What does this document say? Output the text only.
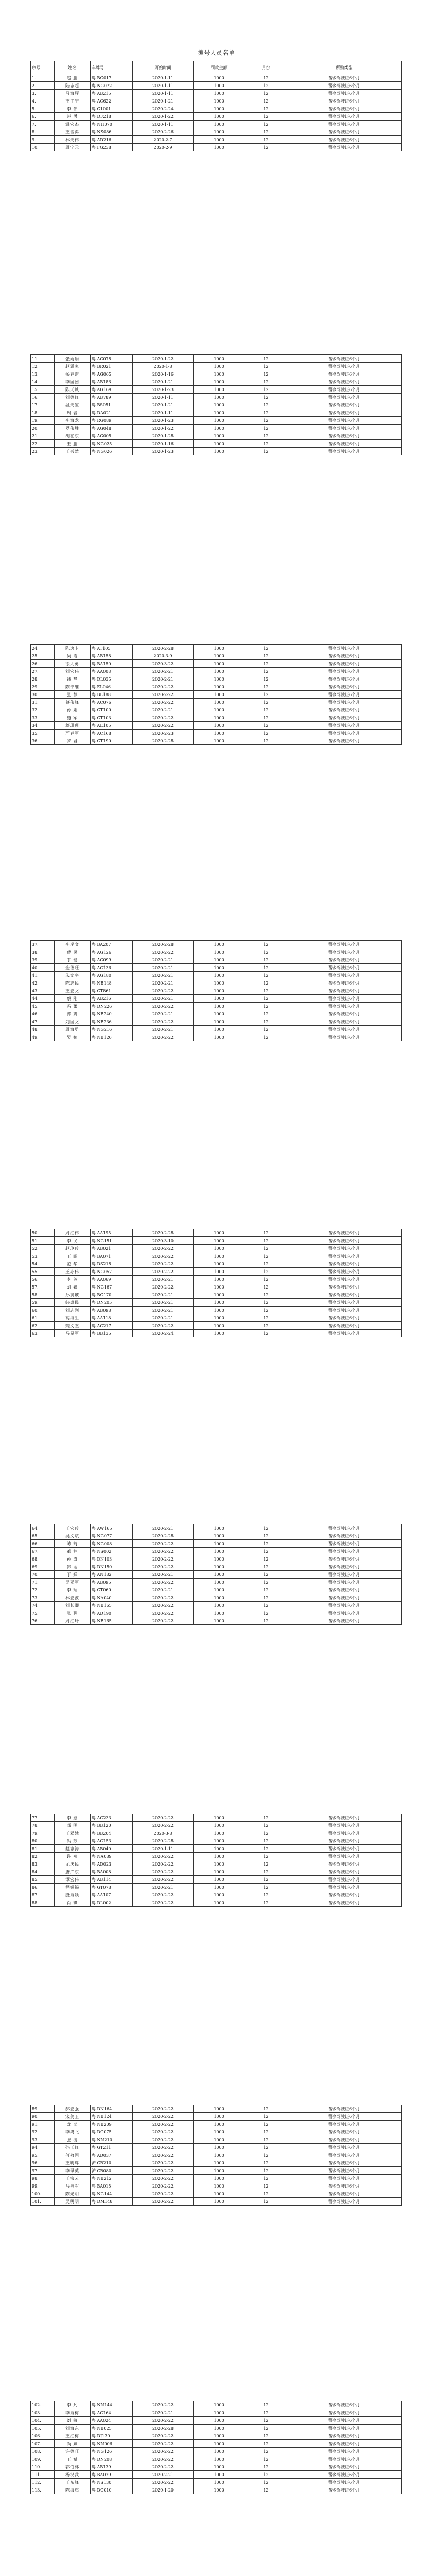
摊号人员名单
序号	姓名	车牌号	开始时间	罚款金额	月份	所购类型
1.	赵 鹏	粤 BG017	2020-1-11	1000	12	警乡驾驶证6个月
2.	陆志超	粤 NG072	2020-1-11	1000	12	警乡驾驶证6个月
3.	吕海辉	粤 AB215	2020-1-11	1000	12	警乡驾驶证6个月
4.	王宇宁	粤 AC622	2020-1-21	1000	12	警乡驾驶证6个月
5.	李 伟	粤 G1001	2020-2-24	1000	12	警乡驾驶证6个月
6.	赵 勇	粤 DF218	2020-1-22	1000	12	警乡驾驶证6个月
7.	温宏杰	粤 NH070	2020-1-11	1000	12	警乡驾驶证6个月
8.	王雪鸿	粤 NS086	2020-2-26	1000	12	警乡驾驶证6个月
9.	林天伟	粤 AD216	2020-2-7	1000	12	警乡驾驶证6个月
10.	周宁元	粤 FG238	2020-2-9	1000	12	警乡驾驶证6个月
11.	张雨娟	粤 AC078	2020-1-22	1000	12	警乡驾驶证6个月
12.	赵翼家	粤 BR021	2020-1-8	1000	12	警乡驾驶证6个月
13.	杨春雷	粤 AG065	2020-1-16	1000	12	警乡驾驶证6个月
14.	李园园	粤 AB186	2020-1-21	1000	12	警乡驾驶证6个月
15.	陈天诚	粤 AG169	2020-1-23	1000	12	警乡驾驶证6个月
16.	刘德红	粤 AB789	2020-1-11	1000	12	警乡驾驶证6个月
17.	温天宝	粤 BS051	2020-1-21	1000	12	警乡驾驶证6个月
18.	周 晋	粤 DA021	2020-1-11	1000	12	警乡驾驶证6个月
19.	李海龙	粤 RG089	2020-1-23	1000	12	警乡驾驶证6个月
20.	罗伟胜	粤 AG048	2020-1-22	1000	12	警乡驾驶证6个月
21.	胡在东	粤 AG005	2020-1-28	1000	12	警乡驾驶证6个月
22.	王 鹏	粤 NG025	2020-1-16	1000	12	警乡驾驶证6个月
23.	王兴然	粤 NG026	2020-1-23	1000	12	警乡驾驶证6个月
24.	陈逸卡	粤 AT105	2020-2-28	1000	12	警乡驾驶证6个月
25.	吴 霞	粤 AB158	2020-3-9	1000	12	警乡驾驶证6个月
26.	徐大勇	粤 BA150	2020-3-22	1000	12	警乡驾驶证6个月
27.	刘宏伟	粤 AA008	2020-2-21	1000	12	警乡驾驶证6个月
28.	钱 静	粤 DL035	2020-2-21	1000	12	警乡驾驶证6个月
29.	陈宁维	粤 EL046	2020-2-22	1000	12	警乡驾驶证6个月
30.	张 静	粤 BL188	2020-2-22	1000	12	警乡驾驶证6个月
31.	蔡伟峰	粤 AC076	2020-2-22	1000	12	警乡驾驶证6个月
32.	孙 娟	粤 GT100	2020-2-21	1000	12	警乡驾驶证6个月
33.	施 军	粤 GT103	2020-2-22	1000	12	警乡驾驶证6个月
34.	蒋珊珊	粤 AE105	2020-2-22	1000	12	警乡驾驶证6个月
35.	严春军	粤 AC168	2020-2-23	1000	12	警乡驾驶证6个月
36.	罗 君	粤 GT190	2020-2-28	1000	12	警乡驾驶证6个月
37.	李岸文	粤 BA207	2020-2-28	1000	12	警乡驾驶证6个月
38.	曹 民	粤 AG126	2020-2-22	1000	12	警乡驾驶证6个月
39.	丁 健	粤 AC099	2020-2-21	1000	12	警乡驾驶证6个月
40.	金德旺	粤 AC136	2020-2-21	1000	12	警乡驾驶证6个月
41.	朱文宇	粤 AG180	2020-2-21	1000	12	警乡驾驶证6个月
42.	陈志民	粤 NB148	2020-2-21	1000	12	警乡驾驶证6个月
43.	王宏文	粤 GT861	2020-2-22	1000	12	警乡驾驶证6个月
44.	蔡 刚	粤 AB216	2020-2-21	1000	12	警乡驾驶证6个月
45.	冯 蕾	粤 DN226	2020-2-22	1000	12	警乡驾驶证6个月
46.	郭 爽	粤 NB240	2020-2-21	1000	12	警乡驾驶证6个月
47.	刘国文	粤 NB236	2020-2-22	1000	12	警乡驾驶证6个月
48.	周海勇	粤 NG216	2020-2-21	1000	12	警乡驾驶证6个月
49.	吴 婉	粤 NB120	2020-2-22	1000	12	警乡驾驶证6个月
50.	周红伟	粤 AA195	2020-2-28	1000	12	警乡驾驶证6个月
51.	李 民	粤 NG151	2020-3-10	1000	12	警乡驾驶证6个月
52.	赵玲玲	粤 AB021	2020-2-22	1000	12	警乡驾驶证6个月
53.	王 昭	粤 BA071	2020-2-22	1000	12	警乡驾驶证6个月
54.	范 华	粤 DS218	2020-2-22	1000	12	警乡驾驶证6个月
55.	王亦伟	粤 NG057	2020-2-22	1000	12	警乡驾驶证6个月
56.	李 英	粤 AA069	2020-2-21	1000	12	警乡驾驶证6个月
57.	刘 鑫	粤 NG167	2020-2-22	1000	12	警乡驾驶证6个月
58.	孙寅坡	粤 BG170	2020-2-21	1000	12	警乡驾驶证6个月
59.	韩惠民	粤 DN205	2020-2-21	1000	12	警乡驾驶证6个月
60.	刘志刚	粤 AB098	2020-2-21	1000	12	警乡驾驶证6个月
61.	高海生	粤 AA118	2020-2-21	1000	12	警乡驾驶证6个月
62.	魏文杰	粤 AC217	2020-2-22	1000	12	警乡驾驶证6个月
63.	马星军	粤 BB135	2020-2-24	1000	12	警乡驾驶证6个月
64.	王宏玲	粤 AW165	2020-2-21	1000	12	警乡驾驶证6个月
65.	吴文斌	粤 NG077	2020-2-28	1000	12	警乡驾驶证6个月
66.	陈 琦	粤 NG008	2020-2-22	1000	12	警乡驾驶证6个月
67.	董 楠	粤 NS002	2020-2-22	1000	12	警乡驾驶证6个月
68.	孙 成	粤 DN103	2020-2-22	1000	12	警乡驾驶证6个月
69.	韩 丽	粤 DN150	2020-2-22	1000	12	警乡驾驶证6个月
70.	于 娣	粤 AN182	2020-2-21	1000	12	警乡驾驶证6个月
71.	吴亚军	粤 AB095	2020-2-22	1000	12	警乡驾驶证6个月
72.	李 瑞	粤 GT060	2020-2-21	1000	12	警乡驾驶证6个月
73.	林宏波	粤 NA040	2020-2-22	1000	12	警乡驾驶证6个月
74.	刘长卿	粤 NB165	2020-2-22	1000	12	警乡驾驶证6个月
75.	张 辉	粤 AD190	2020-2-22	1000	12	警乡驾驶证6个月
76.	周红玲	粤 NB165	2020-2-22	1000	12	警乡驾驶证6个月
77.	李 娜	粤 AC233	2020-2-22	1000	12	警乡驾驶证6个月
78.	邓 明	粤 BB120	2020-2-22	1000	12	警乡驾驶证6个月
79.	王翠娥	粤 BB204	2020-3-8	1000	12	警乡驾驶证6个月
80.	冯 芳	粤 AC153	2020-2-28	1000	12	警乡驾驶证6个月
81.	赵志涛	粤 AB040	2020-1-11	1000	12	警乡驾驶证6个月
82.	许 燕	粤 NA089	2020-2-22	1000	12	警乡驾驶证6个月
83.	尤庆民	粤 AD023	2020-2-22	1000	12	警乡驾驶证6个月
84.	唐广东	粤 BA008	2020-2-22	1000	12	警乡驾驶证6个月
85.	谭宏伟	粤 AB114	2020-2-22	1000	12	警乡驾驶证6个月
86.	程锡锡	粤 GT078	2020-2-21	1000	12	警乡驾驶证6个月
87.	殷秀颖	粤 AA107	2020-2-22	1000	12	警乡驾驶证6个月
88.	肖 琪	粤 DL002	2020-2-22	1000	12	警乡驾驶证6个月
89.	郝宏强	粤 DN164	2020-2-22	1000	12	警乡驾驶证6个月
90.	宋美玉	粤 NB124	2020-2-22	1000	12	警乡驾驶证6个月
91.	龙 义	粤 NB209	2020-2-22	1000	12	警乡驾驶证6个月
92.	李鸿飞	粤 DG075	2020-2-22	1000	12	警乡驾驶证6个月
93.	张 凌	粤 NN210	2020-2-22	1000	12	警乡驾驶证6个月
94.	孙玉红	粤 GT211	2020-2-22	1000	12	警乡驾驶证6个月
95.	何敬国	粤 AD037	2020-2-22	1000	12	警乡驾驶证6个月
96.	王明辉	沪 CR210	2020-2-22	1000	12	警乡驾驶证6个月
97.	李翠英	沪 CR080	2020-2-22	1000	12	警乡驾驶证6个月
98.	王宗云	粤 NB212	2020-2-22	1000	12	警乡驾驶证6个月
99.	马福军	粤 BA015	2020-2-22	1000	12	警乡驾驶证6个月
100.	陈光明	粤 NG144	2020-2-22	1000	12	警乡驾驶证6个月
101.	吴明明	粤 DM148	2020-2-22	1000	12	警乡驾驶证6个月
102.	李 凡	粤 NN144	2020-2-22	1000	12	警乡驾驶证6个月
103.	李秀梅	粤 AC164	2020-2-21	1000	12	警乡驾驶证6个月
104.	刘 敏	粤 AA024	2020-2-22	1000	12	警乡驾驶证6个月
105.	刘海东	粤 NB025	2020-2-28	1000	12	警乡驾驶证6个月
106.	王红梅	粤 DJ130	2020-2-22	1000	12	警乡驾驶证6个月
107.	尚 斌	粤 NN006	2020-2-22	1000	12	警乡驾驶证6个月
108.	许德旺	粤 NG126	2020-2-22	1000	12	警乡驾驶证6个月
109.	王 斌	粤 DN208	2020-2-22	1000	12	警乡驾驶证6个月
110.	郭伯林	粤 AB139	2020-2-22	1000	12	警乡驾驶证6个月
111.	杨汉武	粤 BA079	2020-2-21	1000	12	警乡驾驶证6个月
112.	王东峰	粤 NS130	2020-2-22	1000	12	警乡驾驶证6个月
113.	陈海旗	粤 DG010	2020-1-20	1000	12	警乡驾驶证6个月
